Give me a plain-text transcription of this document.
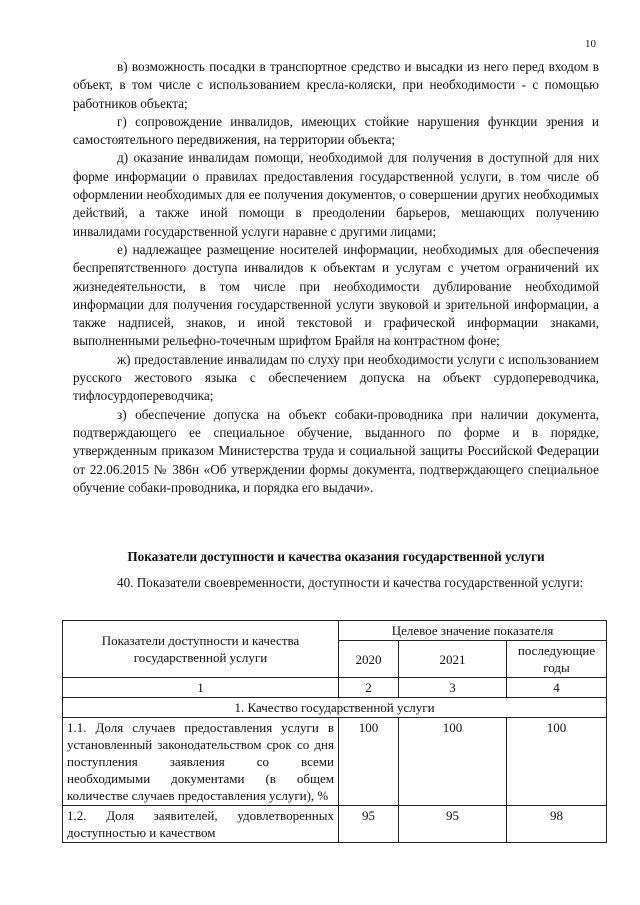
10

в) возможность посадки в транспортное средство и высадки из него перед входом в объект, в том числе с использованием кресла-коляски, при необходимости - с помощью работников объекта;

г) сопровождение инвалидов, имеющих стойкие нарушения функции зрения и самостоятельного передвижения, на территории объекта;

д) оказание инвалидам помощи, необходимой для получения в доступной для них форме информации о правилах предоставления государственной услуги, в том числе об оформлении необходимых для ее получения документов, о совершении других необходимых действий, а также иной помощи в преодолении барьеров, мешающих получению инвалидами государственной услуги наравне с другими лицами;

е) надлежащее размещение носителей информации, необходимых для обеспечения беспрепятственного доступа инвалидов к объектам и услугам с учетом ограничений их жизнедеятельности, в том числе при необходимости дублирование необходимой информации для получения государственной услуги звуковой и зрительной информации, а также надписей, знаков, и иной текстовой и графической информации знаками, выполненными рельефно-точечным шрифтом Брайля на контрастном фоне;

ж) предоставление инвалидам по слуху при необходимости услуги с использованием русского жестового языка с обеспечением допуска на объект сурдопереводчика, тифлосурдопереводчика;

з) обеспечение допуска на объект собаки-проводника при наличии документа, подтверждающего ее специальное обучение, выданного по форме и в порядке, утвержденным приказом Министерства труда и социальной защиты Российской Федерации от 22.06.2015 № 386н «Об утверждении формы документа, подтверждающего специальное обучение собаки-проводника, и порядка его выдачи».

Показатели доступности и качества оказания государственной услуги

40. Показатели своевременности, доступности и качества государственной услуги:

Показатели доступности и качества государственной услуги	Целевое значение показателя		
	2020	2021	последующие годы
1	2	3	4
1. Качество государственной услуги			
1.1. Доля случаев предоставления услуги в установленный законодательством срок со дня поступления заявления со всеми необходимыми документами (в общем количестве случаев предоставления услуги), %	100	100	100
1.2. Доля заявителей, удовлетворенных доступностью и качеством	95	95	98
